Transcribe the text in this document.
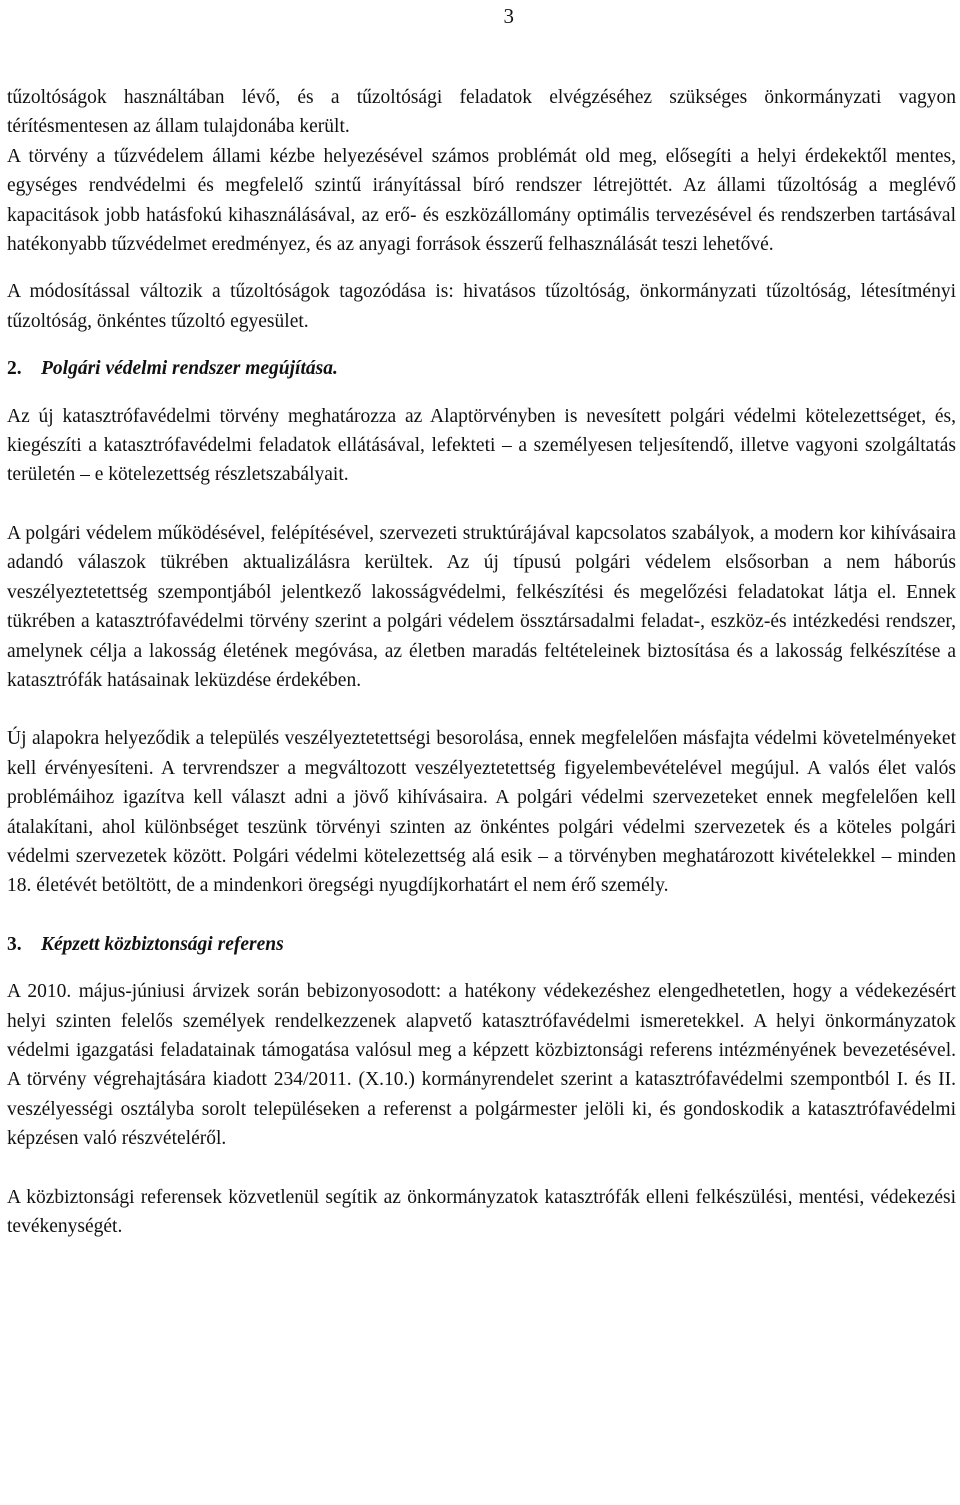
3

tűzoltóságok használtában lévő, és a tűzoltósági feladatok elvégzéséhez szükséges önkormányzati vagyon térítésmentesen az állam tulajdonába került.

A törvény a tűzvédelem állami kézbe helyezésével számos problémát old meg, elősegíti a helyi érdekektől mentes, egységes rendvédelmi és megfelelő szintű irányítással bíró rendszer létrejöttét. Az állami tűzoltóság a meglévő kapacitások jobb hatásfokú kihasználásával, az erő- és eszközállomány optimális tervezésével és rendszerben tartásával hatékonyabb tűzvédelmet eredményez, és az anyagi források ésszerű felhasználását teszi lehetővé.

A módosítással változik a tűzoltóságok tagozódása is: hivatásos tűzoltóság, önkormányzati tűzoltóság, létesítményi tűzoltóság, önkéntes tűzoltó egyesület.

2. Polgári védelmi rendszer megújítása.

Az új katasztrófavédelmi törvény meghatározza az Alaptörvényben is nevesített polgári védelmi kötelezettséget, és, kiegészíti a katasztrófavédelmi feladatok ellátásával, lefekteti – a személyesen teljesítendő, illetve vagyoni szolgáltatás területén – e kötelezettség részletszabályait.

A polgári védelem működésével, felépítésével, szervezeti struktúrájával kapcsolatos szabályok, a modern kor kihívásaira adandó válaszok tükrében aktualizálásra kerültek. Az új típusú polgári védelem elsősorban a nem háborús veszélyeztetettség szempontjából jelentkező lakosságvédelmi, felkészítési és megelőzési feladatokat látja el. Ennek tükrében a katasztrófavédelmi törvény szerint a polgári védelem össztársadalmi feladat-, eszköz-és intézkedési rendszer, amelynek célja a lakosság életének megóvása, az életben maradás feltételeinek biztosítása és a lakosság felkészítése a katasztrófák hatásainak leküzdése érdekében.

Új alapokra helyeződik a település veszélyeztetettségi besorolása, ennek megfelelően másfajta védelmi követelményeket kell érvényesíteni. A tervrendszer a megváltozott veszélyeztetettség figyelembevételével megújul. A valós élet valós problémáihoz igazítva kell választ adni a jövő kihívásaira. A polgári védelmi szervezeteket ennek megfelelően kell átalakítani, ahol különbséget teszünk törvényi szinten az önkéntes polgári védelmi szervezetek és a köteles polgári védelmi szervezetek között. Polgári védelmi kötelezettség alá esik – a törvényben meghatározott kivételekkel – minden 18. életévét betöltött, de a mindenkori öregségi nyugdíjkorhatárt el nem érő személy.

3. Képzett közbiztonsági referens

A 2010. május-júniusi árvizek során bebizonyosodott: a hatékony védekezéshez elengedhetetlen, hogy a védekezésért helyi szinten felelős személyek rendelkezzenek alapvető katasztrófavédelmi ismeretekkel. A helyi önkormányzatok védelmi igazgatási feladatainak támogatása valósul meg a képzett közbiztonsági referens intézményének bevezetésével. A törvény végrehajtására kiadott 234/2011. (X.10.) kormányrendelet szerint a katasztrófavédelmi szempontból I. és II. veszélyességi osztályba sorolt településeken a referenst a polgármester jelöli ki, és gondoskodik a katasztrófavédelmi képzésen való részvételéről.

A közbiztonsági referensek közvetlenül segítik az önkormányzatok katasztrófák elleni felkészülési, mentési, védekezési tevékenységét.
